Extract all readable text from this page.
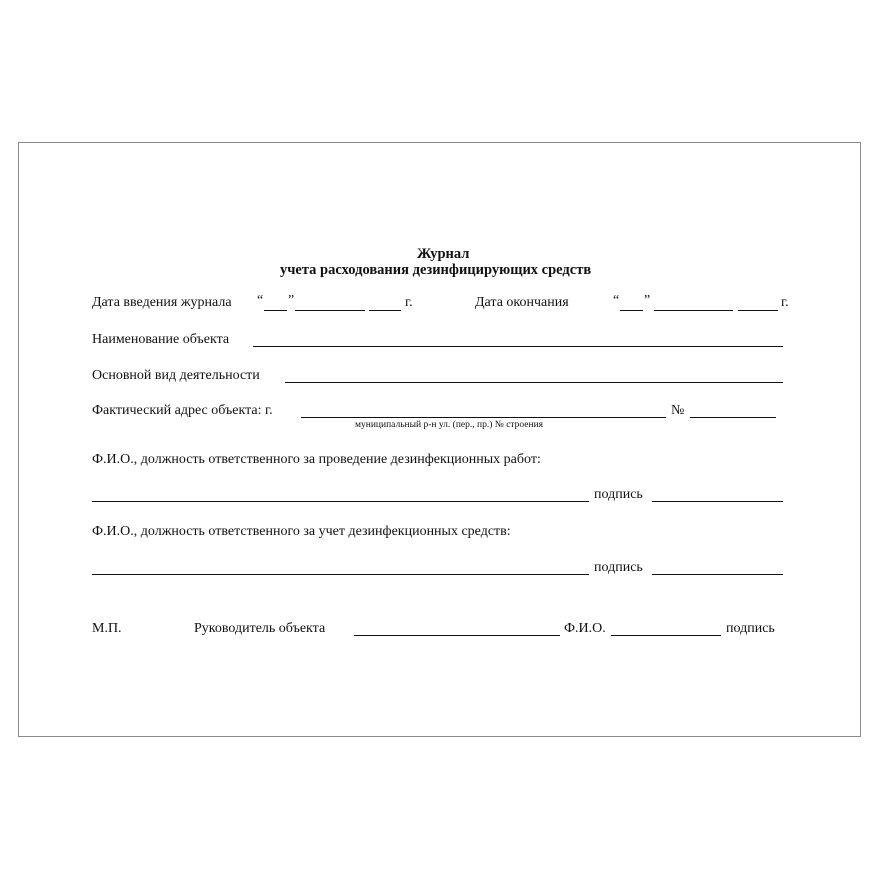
Журнал
учета расходования дезинфицирующих средств
Дата введения журнала “ ”	г.	Дата окончания	“ ”	г.
Наименование объекта
Основной вид деятельности
Фактический адрес объекта: г.
муниципальный р-н ул. (пер., пр.) № строения
№
Ф.И.О., должность ответственного за проведение дезинфекционных работ:
подпись
Ф.И.О., должность ответственного за учет дезинфекционных средств:
подпись
М.П.	Руководитель объекта	Ф.И.О.	подпись
